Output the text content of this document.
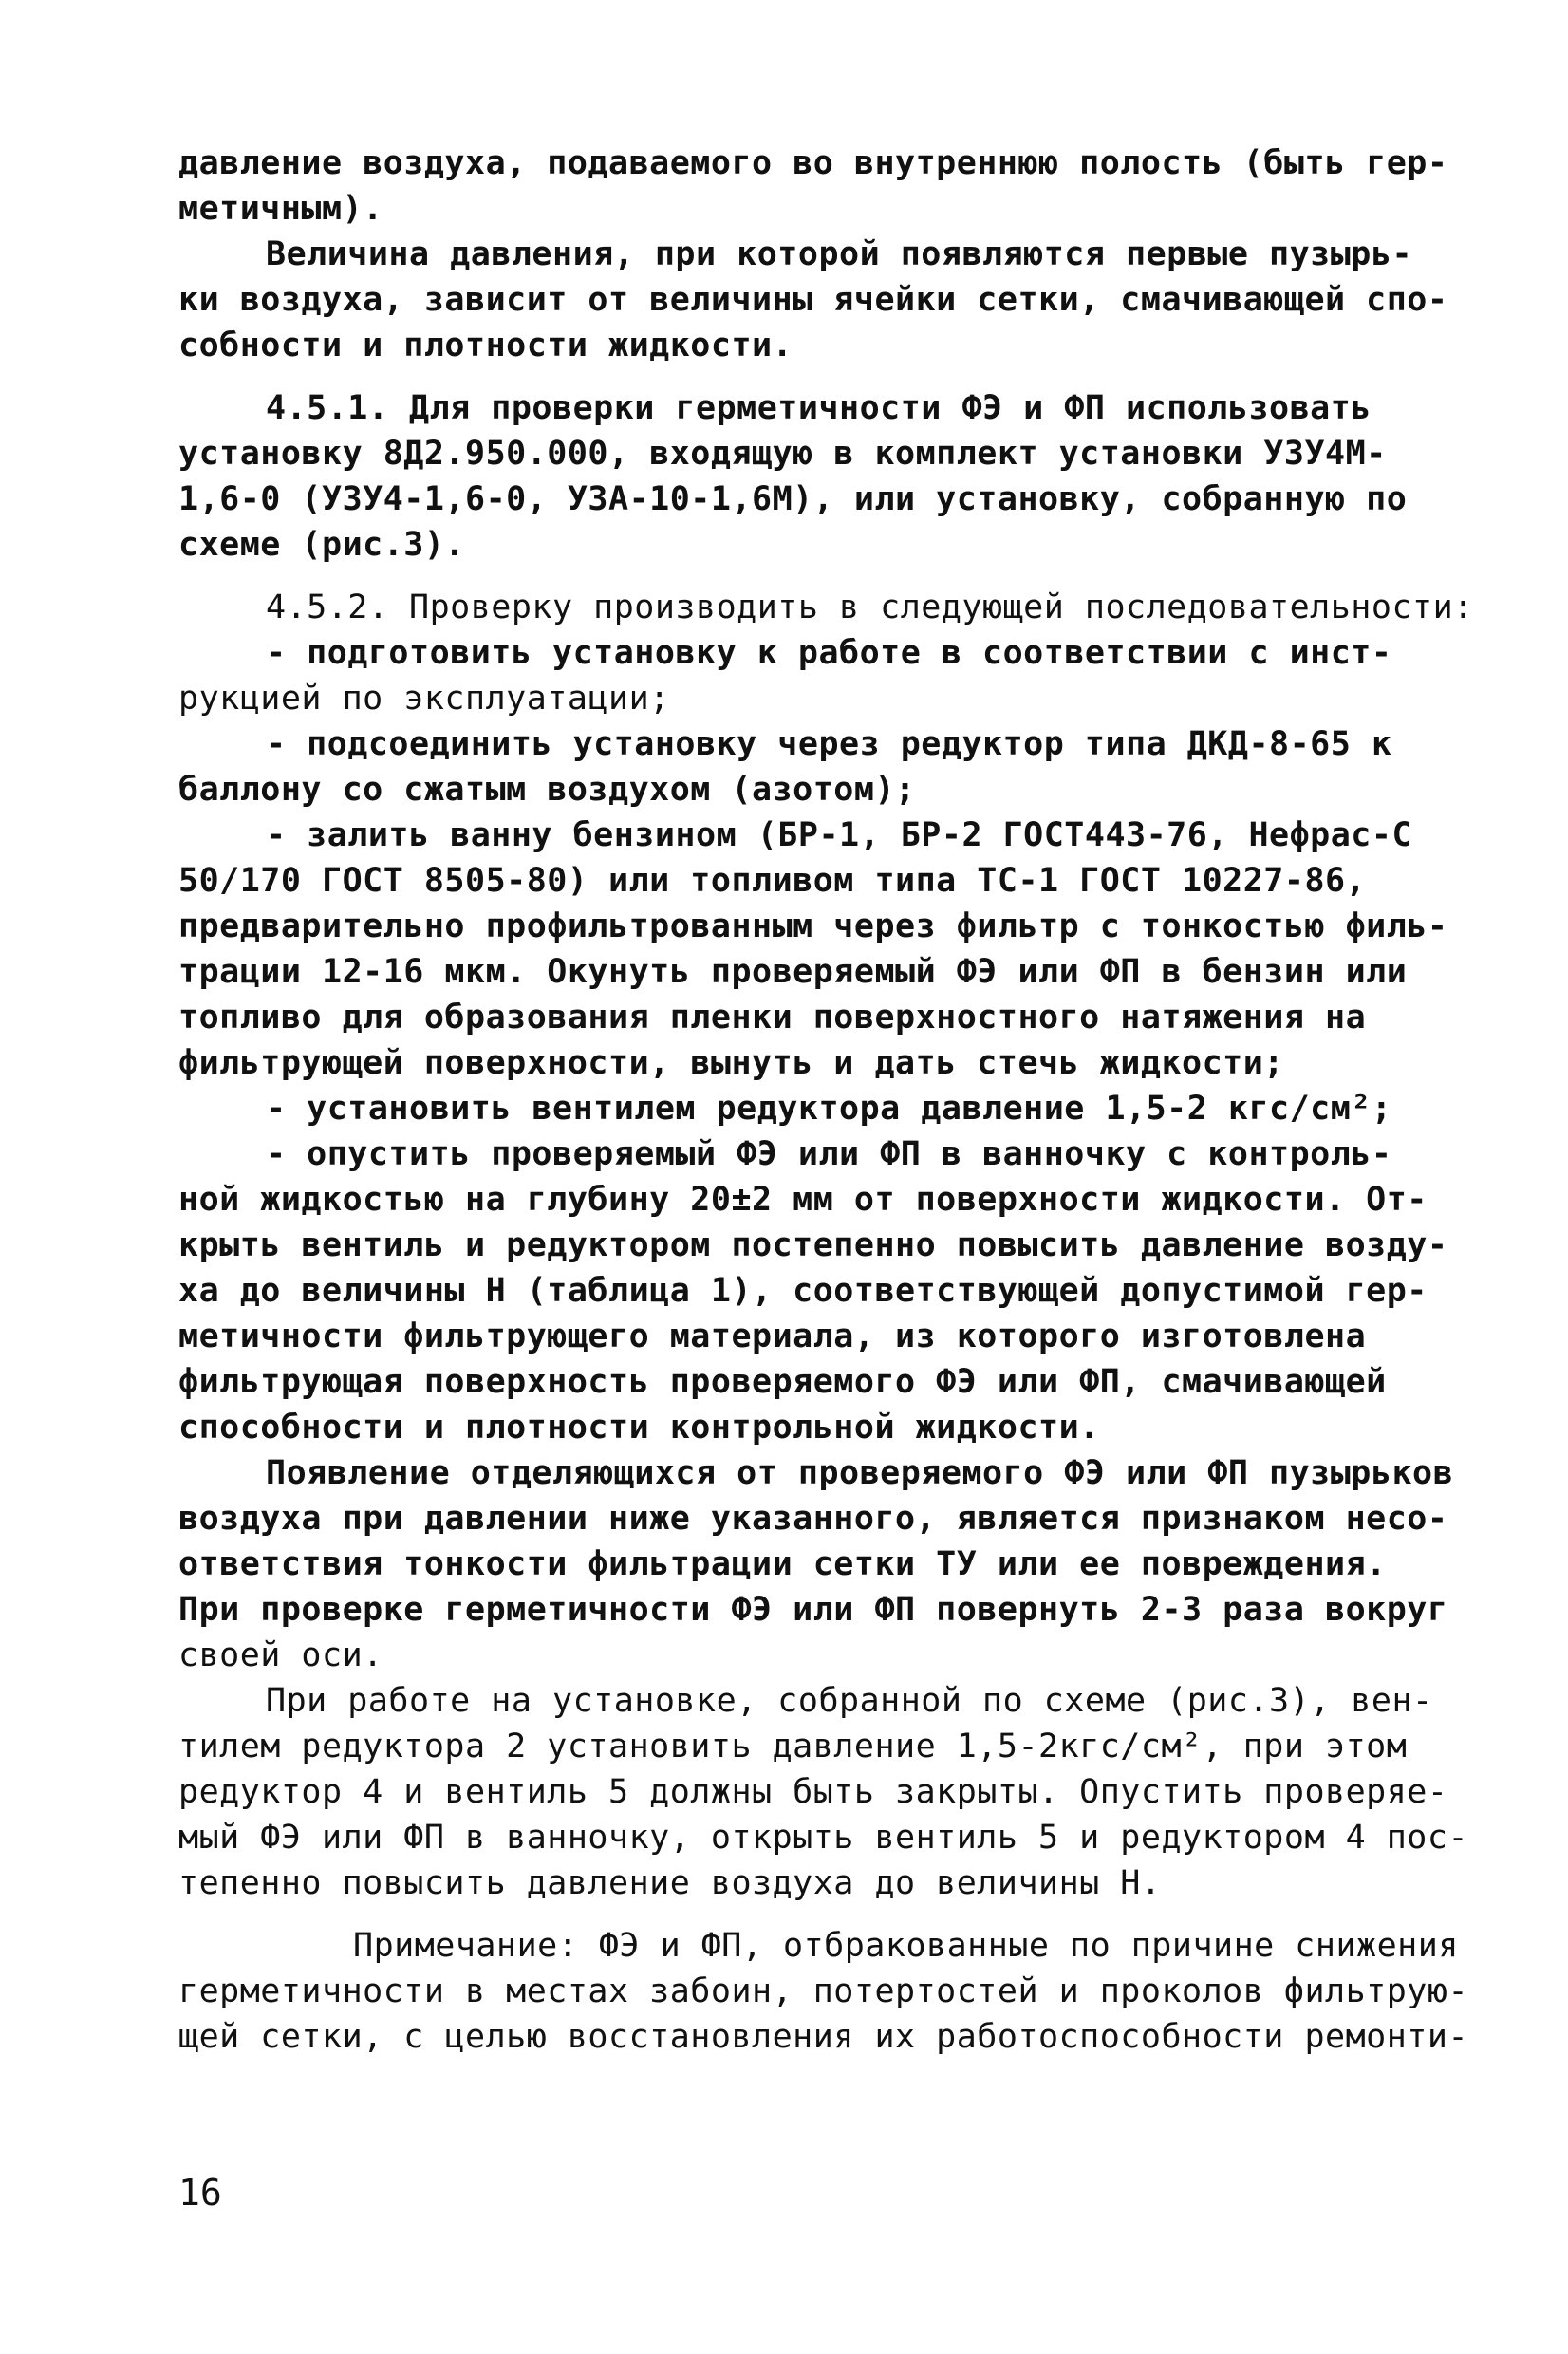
давление воздуха, подаваемого во внутреннюю полость (быть гер-
метичным).
Величина давления, при которой появляются первые пузырь-
ки воздуха, зависит от величины ячейки сетки, смачивающей спо-
собности и плотности жидкости.
4.5.1. Для проверки герметичности ФЭ и ФП использовать
установку 8Д2.950.000, входящую в комплект установки УЗУ4М-
1,6-0 (УЗУ4-1,6-0, УЗА-10-1,6М), или установку, собранную по
схеме (рис.3).
4.5.2. Проверку производить в следующей последовательности:
- подготовить установку к работе в соответствии с инст-
рукцией по эксплуатации;
- подсоединить установку через редуктор типа ДКД-8-65 к
баллону со сжатым воздухом (азотом);
- залить ванну бензином (БР-1, БР-2 ГОСТ443-76, Нефрас-С
50/170 ГОСТ 8505-80) или топливом типа ТС-1 ГОСТ 10227-86,
предварительно профильтрованным через фильтр с тонкостью филь-
трации 12-16 мкм. Окунуть проверяемый ФЭ или ФП в бензин или
топливо для образования пленки поверхностного натяжения на
фильтрующей поверхности, вынуть и дать стечь жидкости;
- установить вентилем редуктора давление 1,5-2 кгс/см²;
- опустить проверяемый ФЭ или ФП в ванночку с контроль-
ной жидкостью на глубину 20±2 мм от поверхности жидкости. От-
крыть вентиль и редуктором постепенно повысить давление возду-
ха до величины Н (таблица 1), соответствующей допустимой гер-
метичности фильтрующего материала, из которого изготовлена
фильтрующая поверхность проверяемого ФЭ или ФП, смачивающей
способности и плотности контрольной жидкости.
Появление отделяющихся от проверяемого ФЭ или ФП пузырьков
воздуха при давлении ниже указанного, является признаком несо-
ответствия тонкости фильтрации сетки ТУ или ее повреждения.
При проверке герметичности ФЭ или ФП повернуть 2-3 раза вокруг
своей оси.
При работе на установке, собранной по схеме (рис.3), вен-
тилем редуктора 2 установить давление 1,5-2кгс/см², при этом
редуктор 4 и вентиль 5 должны быть закрыты. Опустить проверяе-
мый ФЭ или ФП в ванночку, открыть вентиль 5 и редуктором 4 пос-
тепенно повысить давление воздуха до величины Н.
Примечание: ФЭ и ФП, отбракованные по причине снижения
герметичности в местах забоин, потертостей и проколов фильтрую-
щей сетки, с целью восстановления их работоспособности ремонти-
16
